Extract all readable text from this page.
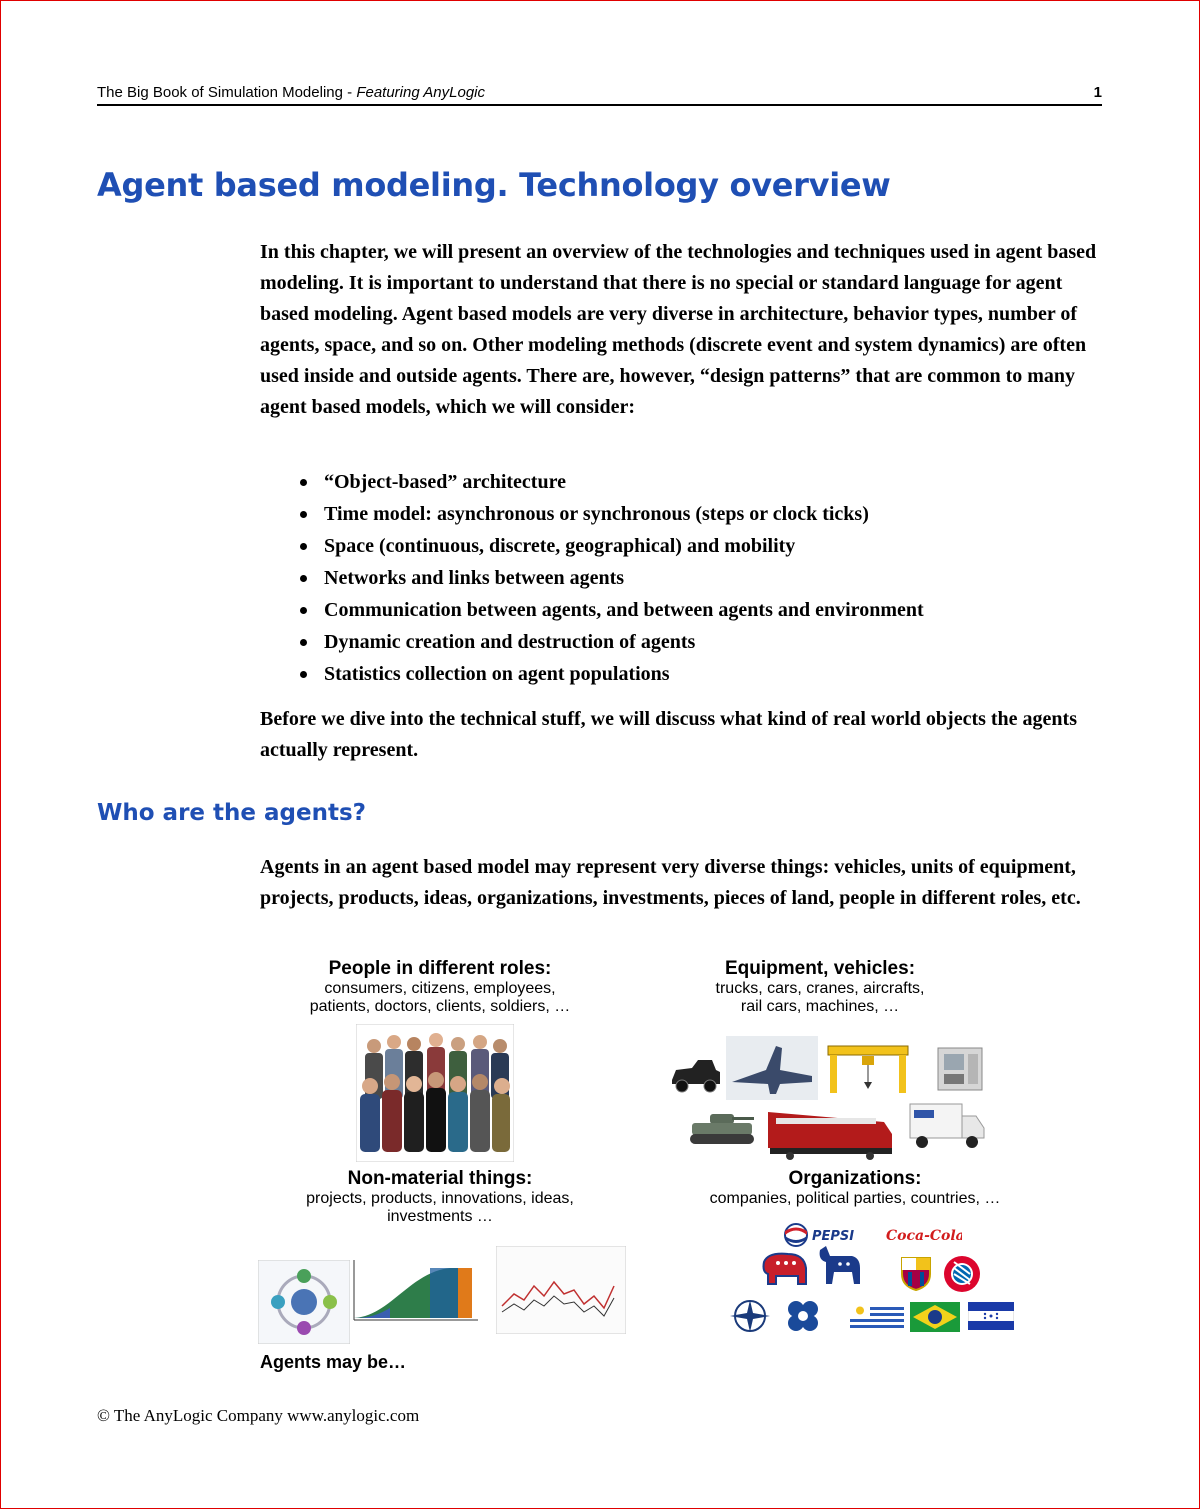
The Big Book of Simulation Modeling - Featuring AnyLogic	1
Agent based modeling. Technology overview

In this chapter, we will present an overview of the technologies and techniques used in agent based modeling. It is important to understand that there is no special or standard language for agent based modeling. Agent based models are very diverse in architecture, behavior types, number of agents, space, and so on. Other modeling methods (discrete event and system dynamics) are often used inside and outside agents. There are, however, “design patterns” that are common to many agent based models, which we will consider:

“Object-based” architecture
Time model: asynchronous or synchronous (steps or clock ticks)
Space (continuous, discrete, geographical) and mobility
Networks and links between agents
Communication between agents, and between agents and environment
Dynamic creation and destruction of agents
Statistics collection on agent populations

Before we dive into the technical stuff, we will discuss what kind of real world objects the agents actually represent.

Who are the agents?

Agents in an agent based model may represent very diverse things: vehicles, units of equipment, projects, products, ideas, organizations, investments, pieces of land, people in different roles, etc.

People in different roles:
consumers, citizens, employees,
patients, doctors, clients, soldiers, …
Equipment, vehicles:
trucks, cars, cranes, aircrafts,
rail cars, machines, …
Non-material things:
projects, products, innovations, ideas,
investments …
Organizations:
companies, political parties, countries, …
PEPSI Coca-Cola
Agents may be…
© The AnyLogic Company www.anylogic.com
